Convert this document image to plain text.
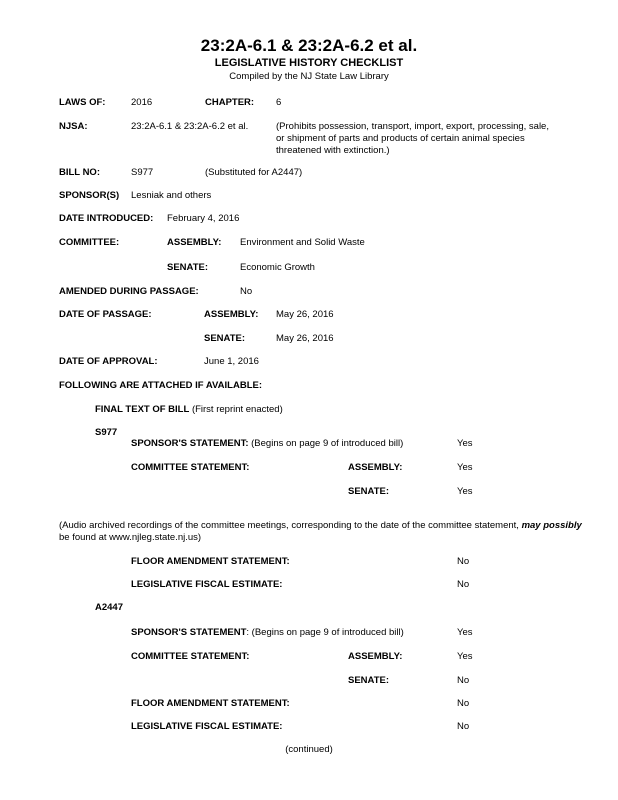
23:2A-6.1 & 23:2A-6.2 et al.
LEGISLATIVE HISTORY CHECKLIST
Compiled by the NJ State Law Library
LAWS OF:	2016	CHAPTER: 6
NJSA:	23:2A-6.1 & 23:2A-6.2 et al.	(Prohibits possession, transport, import, export, processing, sale, or shipment of parts and products of certain animal species threatened with extinction.)
BILL NO:	S977	(Substituted for A2447)
SPONSOR(S) Lesniak and others
DATE INTRODUCED: February 4, 2016
COMMITTEE:	ASSEMBLY: Environment and Solid Waste
SENATE:	Economic Growth
AMENDED DURING PASSAGE:	No
DATE OF PASSAGE:	ASSEMBLY: May 26, 2016
SENATE:	May 26, 2016
DATE OF APPROVAL:	June 1, 2016
FOLLOWING ARE ATTACHED IF AVAILABLE:
FINAL TEXT OF BILL (First reprint enacted)
S977
SPONSOR'S STATEMENT: (Begins on page 9 of introduced bill)	Yes
COMMITTEE STATEMENT:	ASSEMBLY:	Yes
SENATE:	Yes
(Audio archived recordings of the committee meetings, corresponding to the date of the committee statement, may possibly
be found at www.njleg.state.nj.us)
FLOOR AMENDMENT STATEMENT:	No
LEGISLATIVE FISCAL ESTIMATE:	No
A2447
SPONSOR'S STATEMENT: (Begins on page 9 of introduced bill)	Yes
COMMITTEE STATEMENT:	ASSEMBLY:	Yes
SENATE:	No
FLOOR AMENDMENT STATEMENT:	No
LEGISLATIVE FISCAL ESTIMATE:	No
(continued)
